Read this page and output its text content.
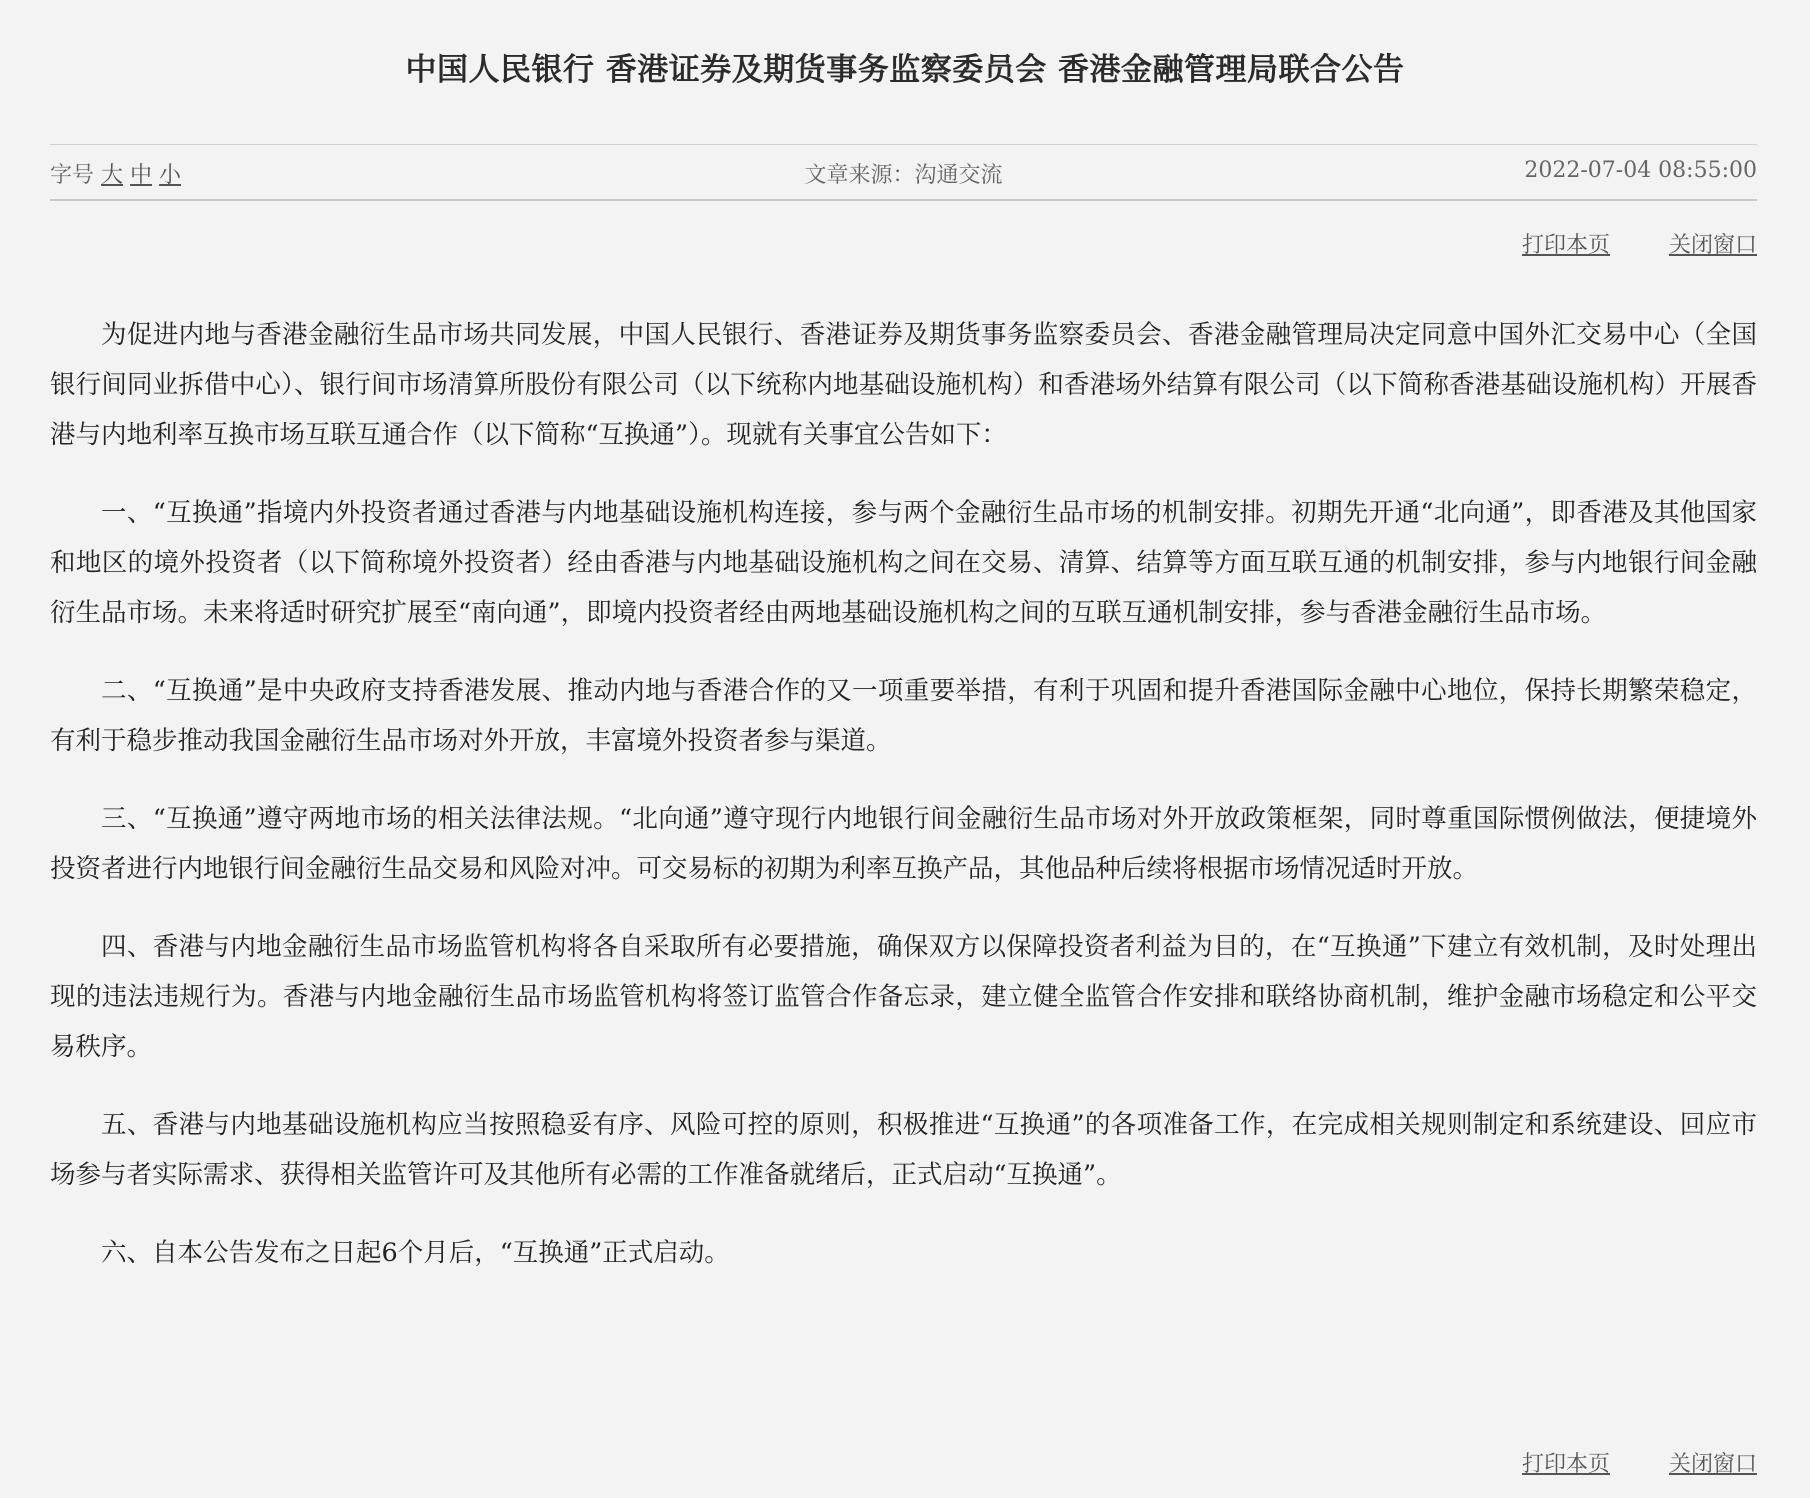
中国人民银行 香港证券及期货事务监察委员会 香港金融管理局联合公告
字号 大 中 小	文章来源：沟通交流	2022-07-04 08:55:00
打印本页	关闭窗口

为促进内地与香港金融衍生品市场共同发展，中国人民银行、香港证券及期货事务监察委员会、香港金融管理局决定同意中国外汇交易中心（全国银行间同业拆借中心）、银行间市场清算所股份有限公司（以下统称内地基础设施机构）和香港场外结算有限公司（以下简称香港基础设施机构）开展香港与内地利率互换市场互联互通合作（以下简称“互换通”）。现就有关事宜公告如下：

一、“互换通”指境内外投资者通过香港与内地基础设施机构连接，参与两个金融衍生品市场的机制安排。初期先开通“北向通”，即香港及其他国家和地区的境外投资者（以下简称境外投资者）经由香港与内地基础设施机构之间在交易、清算、结算等方面互联互通的机制安排，参与内地银行间金融衍生品市场。未来将适时研究扩展至“南向通”，即境内投资者经由两地基础设施机构之间的互联互通机制安排，参与香港金融衍生品市场。

二、“互换通”是中央政府支持香港发展、推动内地与香港合作的又一项重要举措，有利于巩固和提升香港国际金融中心地位，保持长期繁荣稳定，有利于稳步推动我国金融衍生品市场对外开放，丰富境外投资者参与渠道。

三、“互换通”遵守两地市场的相关法律法规。“北向通”遵守现行内地银行间金融衍生品市场对外开放政策框架，同时尊重国际惯例做法，便捷境外投资者进行内地银行间金融衍生品交易和风险对冲。可交易标的初期为利率互换产品，其他品种后续将根据市场情况适时开放。

四、香港与内地金融衍生品市场监管机构将各自采取所有必要措施，确保双方以保障投资者利益为目的，在“互换通”下建立有效机制，及时处理出现的违法违规行为。香港与内地金融衍生品市场监管机构将签订监管合作备忘录，建立健全监管合作安排和联络协商机制，维护金融市场稳定和公平交易秩序。

五、香港与内地基础设施机构应当按照稳妥有序、风险可控的原则，积极推进“互换通”的各项准备工作，在完成相关规则制定和系统建设、回应市场参与者实际需求、获得相关监管许可及其他所有必需的工作准备就绪后，正式启动“互换通”。

六、自本公告发布之日起6个月后，“互换通”正式启动。

打印本页	关闭窗口
